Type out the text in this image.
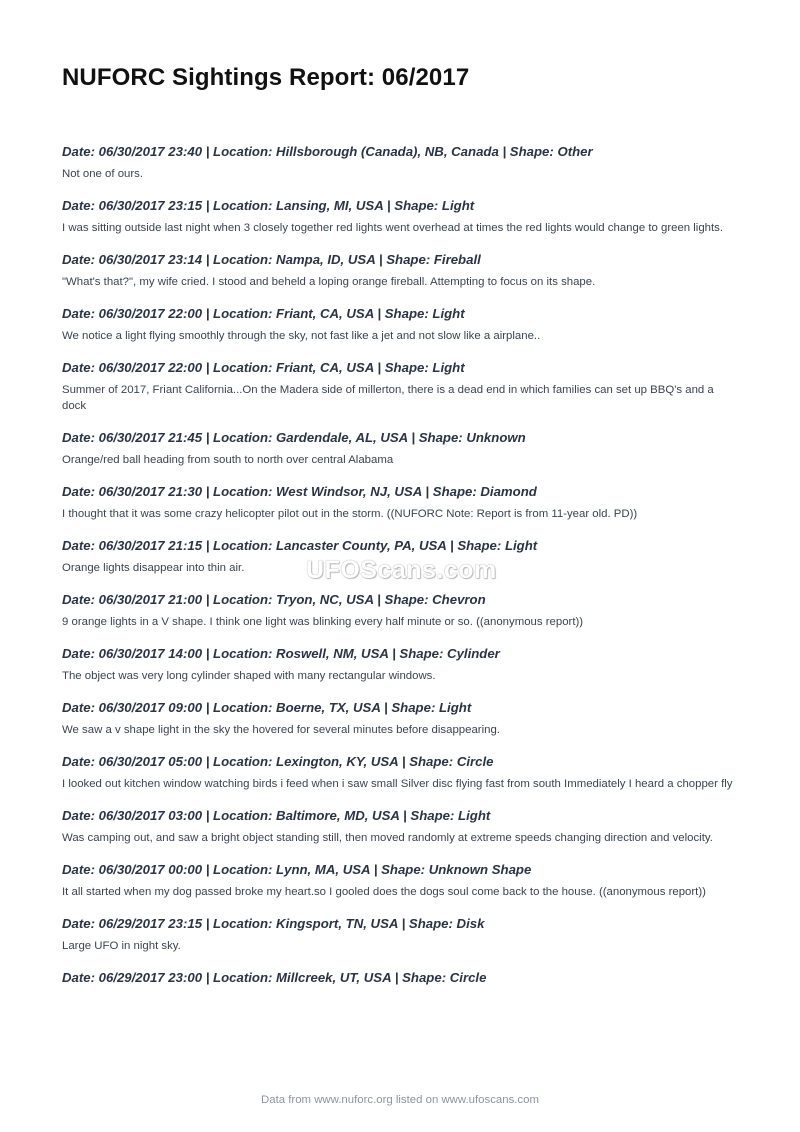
NUFORC Sightings Report: 06/2017
Date: 06/30/2017 23:40 | Location: Hillsborough (Canada), NB, Canada | Shape: Other
Not one of ours.
Date: 06/30/2017 23:15 | Location: Lansing, MI, USA | Shape: Light
I was sitting outside last night when 3 closely together red lights went overhead at times the red lights would change to green lights.
Date: 06/30/2017 23:14 | Location: Nampa, ID, USA | Shape: Fireball
"What's that?", my wife cried. I stood and beheld a loping orange fireball. Attempting to focus on its shape.
Date: 06/30/2017 22:00 | Location: Friant, CA, USA | Shape: Light
We notice a light flying smoothly through the sky, not fast like a jet and not slow like a airplane..
Date: 06/30/2017 22:00 | Location: Friant, CA, USA | Shape: Light
Summer of 2017, Friant California...On the Madera side of millerton, there is a dead end in which families can set up BBQ's and a dock
Date: 06/30/2017 21:45 | Location: Gardendale, AL, USA | Shape: Unknown
Orange/red ball heading from south to north over central Alabama
Date: 06/30/2017 21:30 | Location: West Windsor, NJ, USA | Shape: Diamond
I thought that it was some crazy helicopter pilot out in the storm. ((NUFORC Note: Report is from 11-year old. PD))
Date: 06/30/2017 21:15 | Location: Lancaster County, PA, USA | Shape: Light
Orange lights disappear into thin air.
Date: 06/30/2017 21:00 | Location: Tryon, NC, USA | Shape: Chevron
9 orange lights in a V shape. I think one light was blinking every half minute or so. ((anonymous report))
Date: 06/30/2017 14:00 | Location: Roswell, NM, USA | Shape: Cylinder
The object was very long cylinder shaped with many rectangular windows.
Date: 06/30/2017 09:00 | Location: Boerne, TX, USA | Shape: Light
We saw a v shape light in the sky the hovered for several minutes before disappearing.
Date: 06/30/2017 05:00 | Location: Lexington, KY, USA | Shape: Circle
I looked out kitchen window watching birds i feed when i saw small Silver disc flying fast from south Immediately I heard a chopper fly
Date: 06/30/2017 03:00 | Location: Baltimore, MD, USA | Shape: Light
Was camping out, and saw a bright object standing still, then moved randomly at extreme speeds changing direction and velocity.
Date: 06/30/2017 00:00 | Location: Lynn, MA, USA | Shape: Unknown Shape
It all started when my dog passed broke my heart.so I gooled does the dogs soul come back to the house. ((anonymous report))
Date: 06/29/2017 23:15 | Location: Kingsport, TN, USA | Shape: Disk
Large UFO in night sky.
Date: 06/29/2017 23:00 | Location: Millcreek, UT, USA | Shape: Circle
UFOScans.com
Data from www.nuforc.org listed on www.ufoscans.com
